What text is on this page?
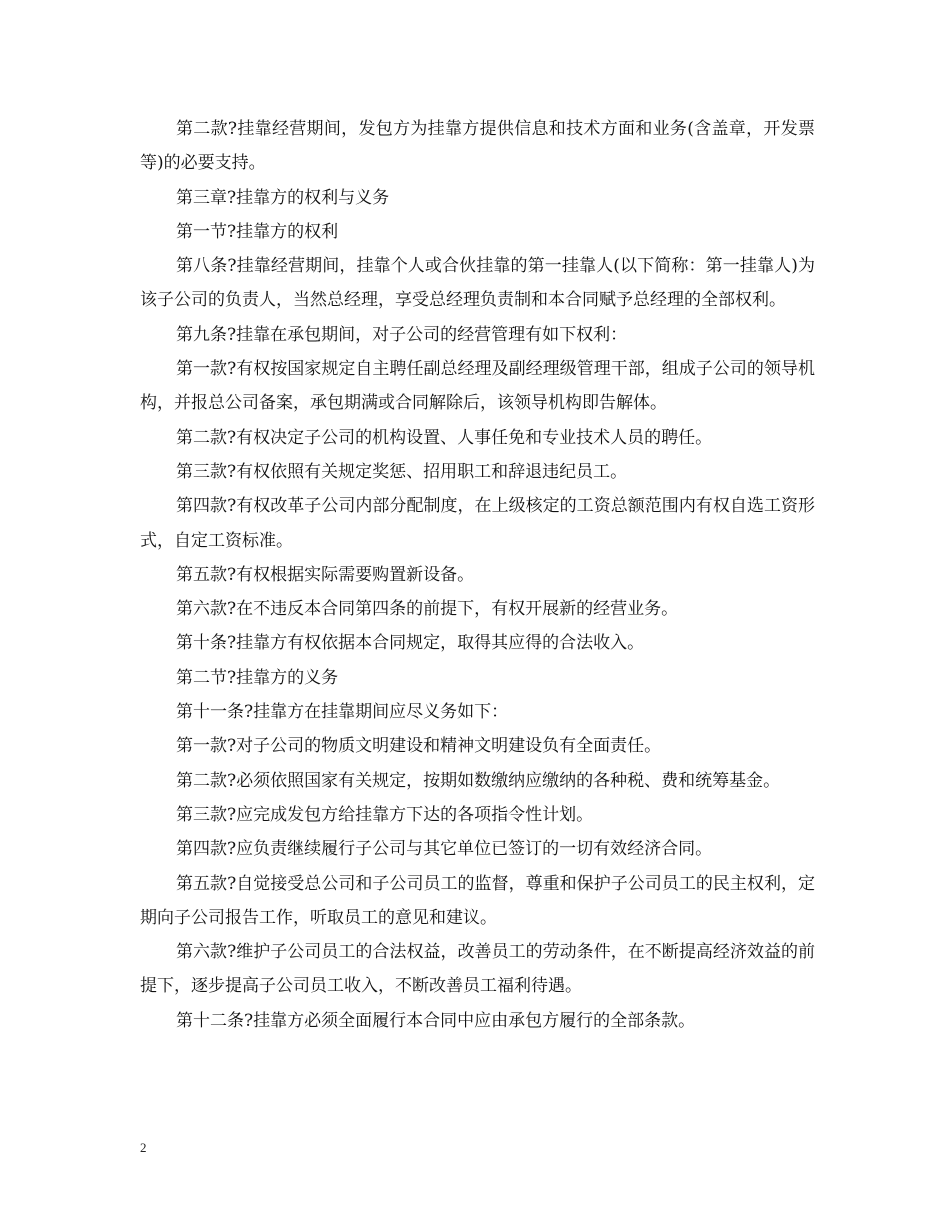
第二款?挂靠经营期间，发包方为挂靠方提供信息和技术方面和业务(含盖章，开发票等)的必要支持。

第三章?挂靠方的权利与义务

第一节?挂靠方的权利

第八条?挂靠经营期间，挂靠个人或合伙挂靠的第一挂靠人(以下简称：第一挂靠人)为该子公司的负责人，当然总经理，享受总经理负责制和本合同赋予总经理的全部权利。

第九条?挂靠在承包期间，对子公司的经营管理有如下权利：

第一款?有权按国家规定自主聘任副总经理及副经理级管理干部，组成子公司的领导机构，并报总公司备案，承包期满或合同解除后，该领导机构即告解体。

第二款?有权决定子公司的机构设置、人事任免和专业技术人员的聘任。

第三款?有权依照有关规定奖惩、招用职工和辞退违纪员工。

第四款?有权改革子公司内部分配制度，在上级核定的工资总额范围内有权自选工资形式，自定工资标准。

第五款?有权根据实际需要购置新设备。

第六款?在不违反本合同第四条的前提下，有权开展新的经营业务。

第十条?挂靠方有权依据本合同规定，取得其应得的合法收入。

第二节?挂靠方的义务

第十一条?挂靠方在挂靠期间应尽义务如下：

第一款?对子公司的物质文明建设和精神文明建设负有全面责任。

第二款?必须依照国家有关规定，按期如数缴纳应缴纳的各种税、费和统筹基金。

第三款?应完成发包方给挂靠方下达的各项指令性计划。

第四款?应负责继续履行子公司与其它单位已签订的一切有效经济合同。

第五款?自觉接受总公司和子公司员工的监督，尊重和保护子公司员工的民主权利，定期向子公司报告工作，听取员工的意见和建议。

第六款?维护子公司员工的合法权益，改善员工的劳动条件，在不断提高经济效益的前提下，逐步提高子公司员工收入，不断改善员工福利待遇。

第十二条?挂靠方必须全面履行本合同中应由承包方履行的全部条款。

2
